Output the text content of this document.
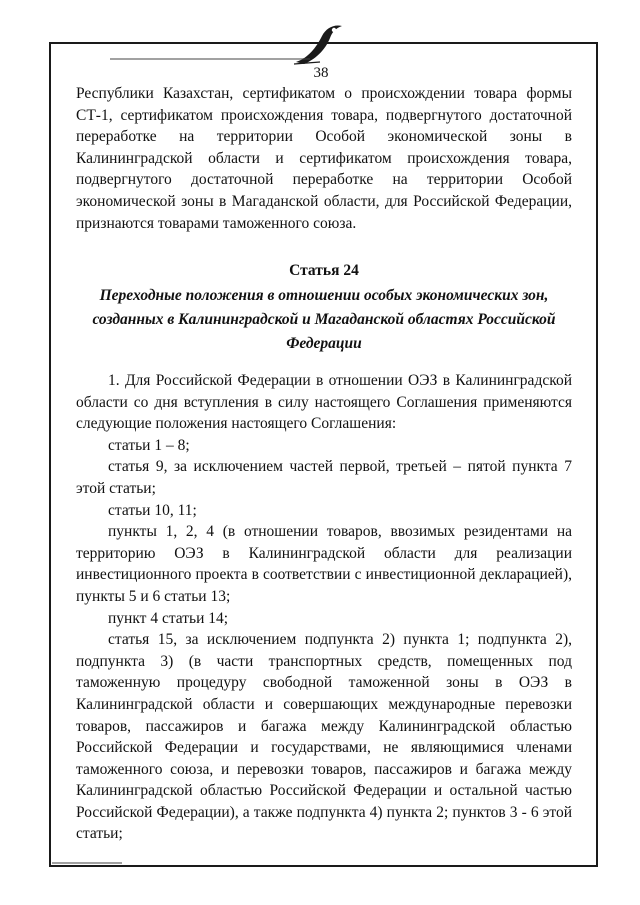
38

Республики Казахстан, сертификатом о происхождении товара формы СТ-1, сертификатом происхождения товара, подвергнутого достаточной переработке на территории Особой экономической зоны в Калининградской области и сертификатом происхождения товара, подвергнутого достаточной переработке на территории Особой экономической зоны в Магаданской области, для Российской Федерации, признаются товарами таможенного союза.

Статья 24
Переходные положения в отношении особых экономических зон, созданных в Калининградской и Магаданской областях Российской Федерации

1. Для Российской Федерации в отношении ОЭЗ в Калининградской области со дня вступления в силу настоящего Соглашения применяются следующие положения настоящего Соглашения:

статьи 1 – 8;

статья 9, за исключением частей первой, третьей – пятой пункта 7 этой статьи;

статьи 10, 11;

пункты 1, 2, 4 (в отношении товаров, ввозимых резидентами на территорию ОЭЗ в Калининградской области для реализации инвестиционного проекта в соответствии с инвестиционной декларацией), пункты 5 и 6 статьи 13;

пункт 4 статьи 14;

статья 15, за исключением подпункта 2) пункта 1; подпункта 2), подпункта 3) (в части транспортных средств, помещенных под таможенную процедуру свободной таможенной зоны в ОЭЗ в Калининградской области и совершающих международные перевозки товаров, пассажиров и багажа между Калининградской областью Российской Федерации и государствами, не являющимися членами таможенного союза, и перевозки товаров, пассажиров и багажа между Калининградской областью Российской Федерации и остальной частью Российской Федерации), а также подпункта 4) пункта 2; пунктов 3 - 6 этой статьи;
